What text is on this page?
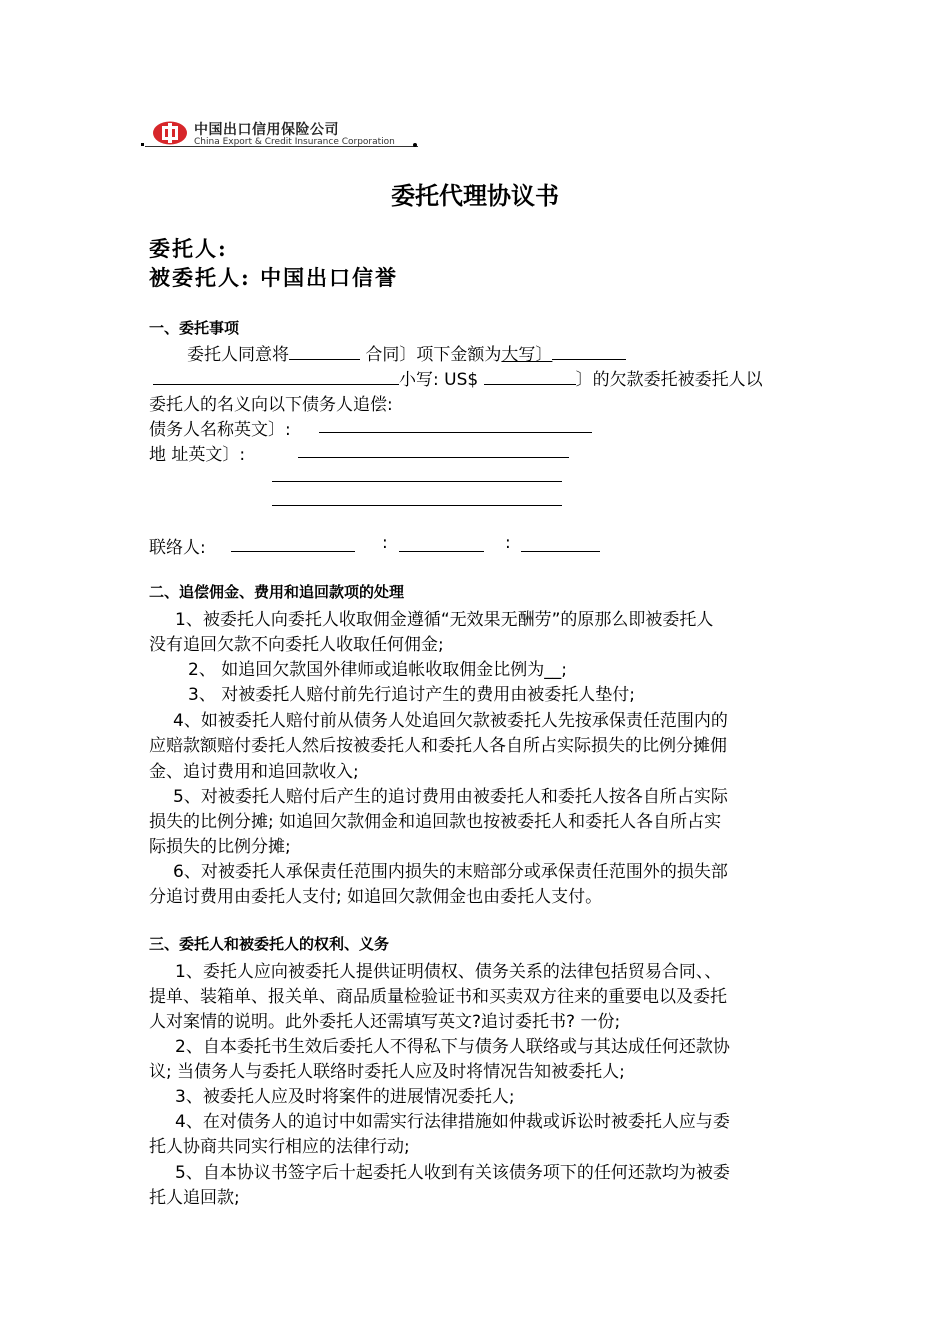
中国出口信用保险公司
China Export & Credit Insurance Corporation
委托代理协议书
委托人:
被委托人: 中国出口信誉
一、委托事项
委托人同意将	合同〕项下金额为大写〕
小写: US$	〕的欠款委托被委托人以
委托人的名义向以下债务人追偿:
债务人名称英文〕:
地 址英文〕:
联络人:	:	:
二、追偿佣金、费用和追回款项的处理
1、被委托人向委托人收取佣金遵循“无效果无酬劳”的原那么即被委托人
没有追回欠款不向委托人收取任何佣金;
2、 如追回欠款国外律师或追帐收取佣金比例为__;
3、 对被委托人赔付前先行追讨产生的费用由被委托人垫付;
4、如被委托人赔付前从债务人处追回欠款被委托人先按承保责任范围内的
应赔款额赔付委托人然后按被委托人和委托人各自所占实际损失的比例分摊佣
金、追讨费用和追回款收入;
5、对被委托人赔付后产生的追讨费用由被委托人和委托人按各自所占实际
损失的比例分摊; 如追回欠款佣金和追回款也按被委托人和委托人各自所占实
际损失的比例分摊;
6、对被委托人承保责任范围内损失的末赔部分或承保责任范围外的损失部
分追讨费用由委托人支付; 如追回欠款佣金也由委托人支付。
三、委托人和被委托人的权利、义务
1、委托人应向被委托人提供证明债权、债务关系的法律包括贸易合同、、
提单、装箱单、报关单、商品质量检验证书和买卖双方往来的重要电以及委托
人对案情的说明。此外委托人还需填写英文?追讨委托书? 一份;
2、自本委托书生效后委托人不得私下与债务人联络或与其达成任何还款协
议; 当债务人与委托人联络时委托人应及时将情况告知被委托人;
3、被委托人应及时将案件的进展情况委托人;
4、在对债务人的追讨中如需实行法律措施如仲裁或诉讼时被委托人应与委
托人协商共同实行相应的法律行动;
5、自本协议书签字后十起委托人收到有关该债务项下的任何还款均为被委
托人追回款;
